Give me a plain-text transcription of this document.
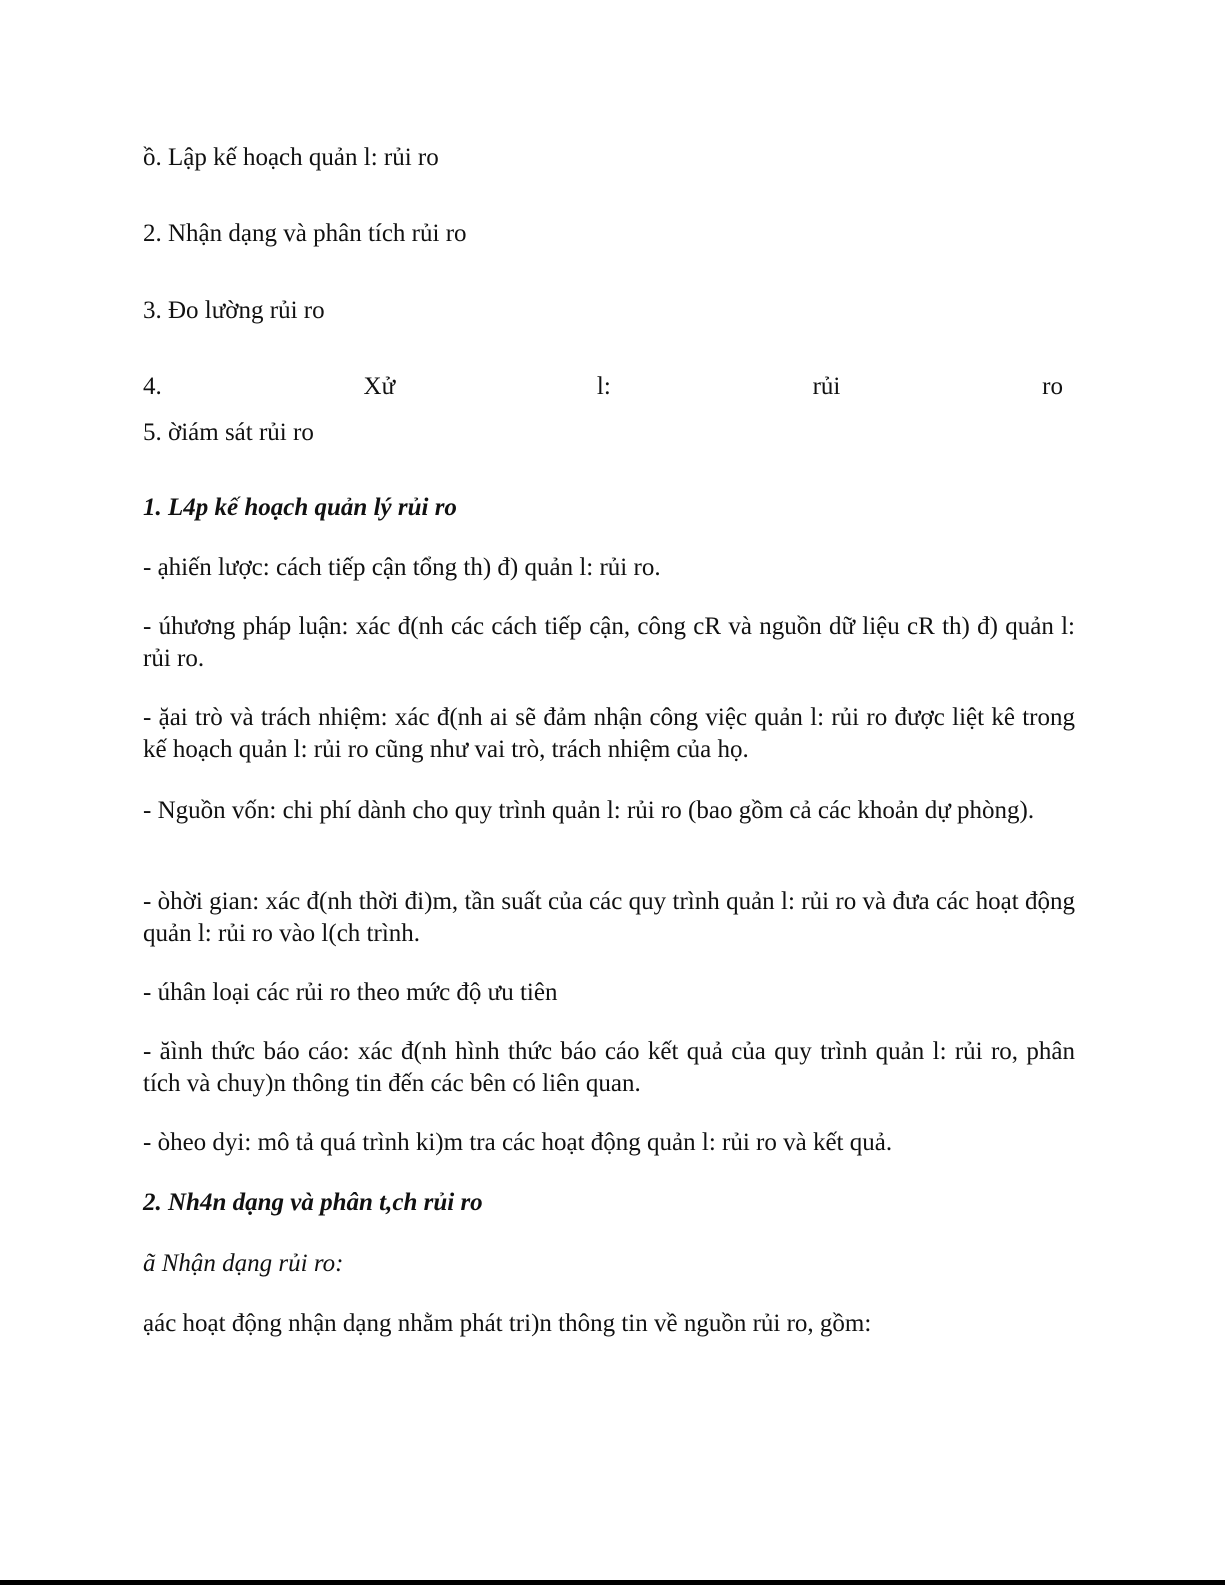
ồ. Lập kế hoạch quản l: rủi ro
2. Nhận dạng và phân tích rủi ro
3. Đo lường rủi ro
4.	Xử	l:	rủi	ro
5. ờiám sát rủi ro
1. L4p kế hoạch quản lý rủi ro
- ạhiến lược: cách tiếp cận tổng th) đ) quản l: rủi ro.
- úhương pháp luận: xác đ(nh các cách tiếp cận, công cR và nguồn dữ liệu cR th) đ) quản l: rủi ro.
- ặai trò và trách nhiệm: xác đ(nh ai sẽ đảm nhận công việc quản l: rủi ro được liệt kê trong kế hoạch quản l: rủi ro cũng như vai trò, trách nhiệm của họ.
- Nguồn vốn: chi phí dành cho quy trình quản l: rủi ro (bao gồm cả các khoản dự phòng).
- òhời gian: xác đ(nh thời đi)m, tần suất của các quy trình quản l: rủi ro và đưa các hoạt động quản l: rủi ro vào l(ch trình.
- úhân loại các rủi ro theo mức độ ưu tiên
- ăình thức báo cáo: xác đ(nh hình thức báo cáo kết quả của quy trình quản l: rủi ro, phân tích và chuy)n thông tin đến các bên có liên quan.
- òheo dyi: mô tả quá trình ki)m tra các hoạt động quản l: rủi ro và kết quả.
2. Nh4n dạng và phân t,ch rủi ro
ã Nhận dạng rủi ro:
ạác hoạt động nhận dạng nhằm phát tri)n thông tin về nguồn rủi ro, gồm:
